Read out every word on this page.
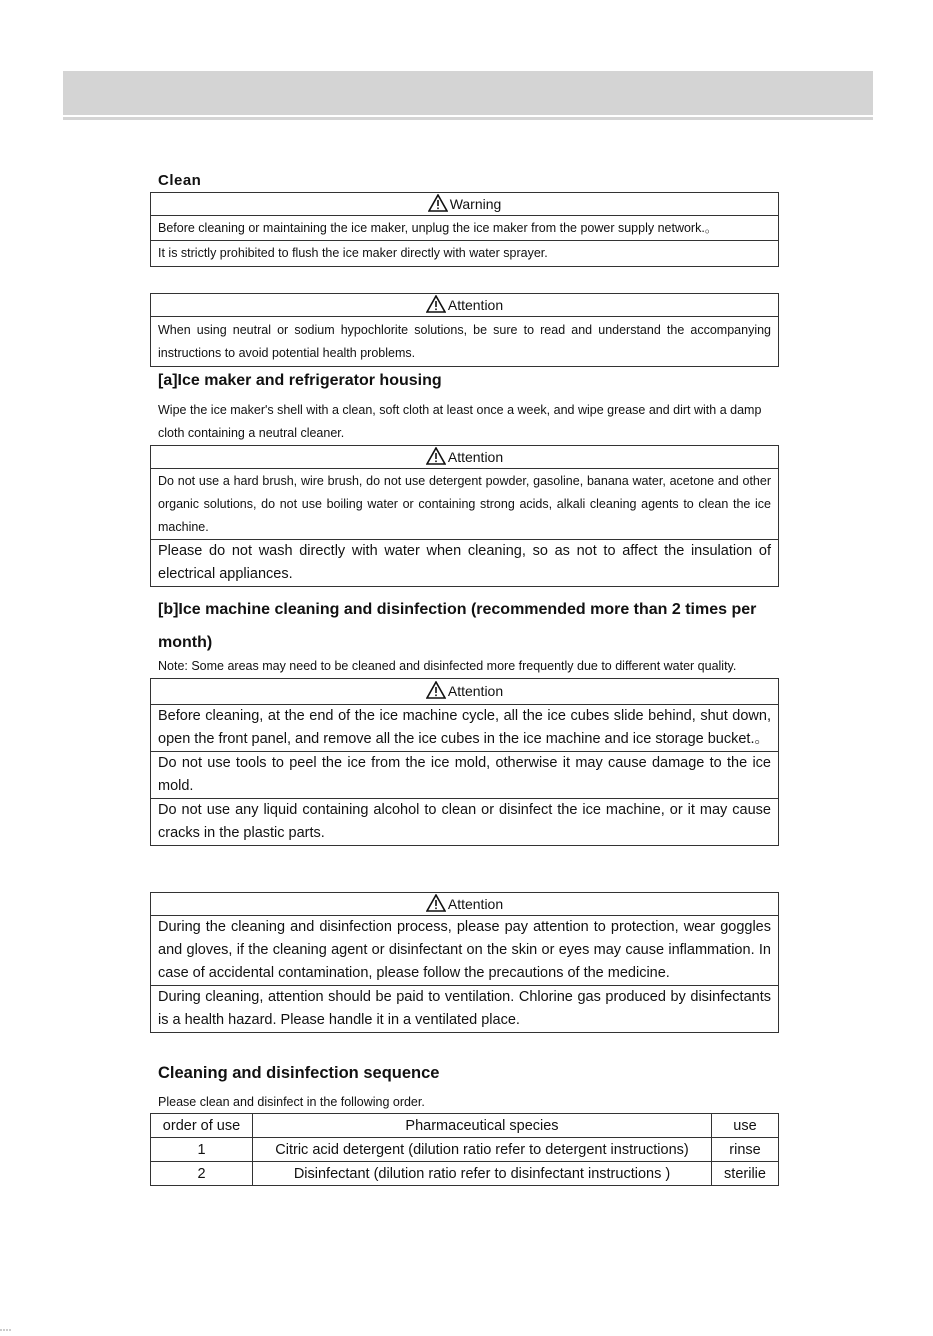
Clean
Warning
Before cleaning or maintaining the ice maker, unplug the ice maker from the power supply network.。
It is strictly prohibited to flush the ice maker directly with water sprayer.
Attention
When using neutral or sodium hypochlorite solutions, be sure to read and understand the accompanying instructions to avoid potential health problems.
[a]Ice maker and refrigerator housing
Wipe the ice maker's shell with a clean, soft cloth at least once a week, and wipe grease and dirt with a damp cloth containing a neutral cleaner.
Attention
Do not use a hard brush, wire brush, do not use detergent powder, gasoline, banana water, acetone and other organic solutions, do not use boiling water or containing strong acids, alkali cleaning agents to clean the ice machine.
Please do not wash directly with water when cleaning, so as not to affect the insulation of electrical appliances.
[b]Ice machine cleaning and disinfection (recommended more than 2 times per month)
Note: Some areas may need to be cleaned and disinfected more frequently due to different water quality.
Attention
Before cleaning, at the end of the ice machine cycle, all the ice cubes slide behind, shut down, open the front panel, and remove all the ice cubes in the ice machine and ice storage bucket.。
Do not use tools to peel the ice from the ice mold, otherwise it may cause damage to the ice mold.
Do not use any liquid containing alcohol to clean or disinfect the ice machine, or it may cause cracks in the plastic parts.
Attention
During the cleaning and disinfection process, please pay attention to protection, wear goggles and gloves, if the cleaning agent or disinfectant on the skin or eyes may cause inflammation. In case of accidental contamination, please follow the precautions of the medicine.
During cleaning, attention should be paid to ventilation. Chlorine gas produced by disinfectants is a health hazard. Please handle it in a ventilated place.
Cleaning and disinfection sequence
Please clean and disinfect in the following order.
order of use	Pharmaceutical species	use
1	Citric acid detergent (dilution ratio refer to detergent instructions)	rinse
2	Disinfectant (dilution ratio refer to disinfectant instructions )	sterilie
